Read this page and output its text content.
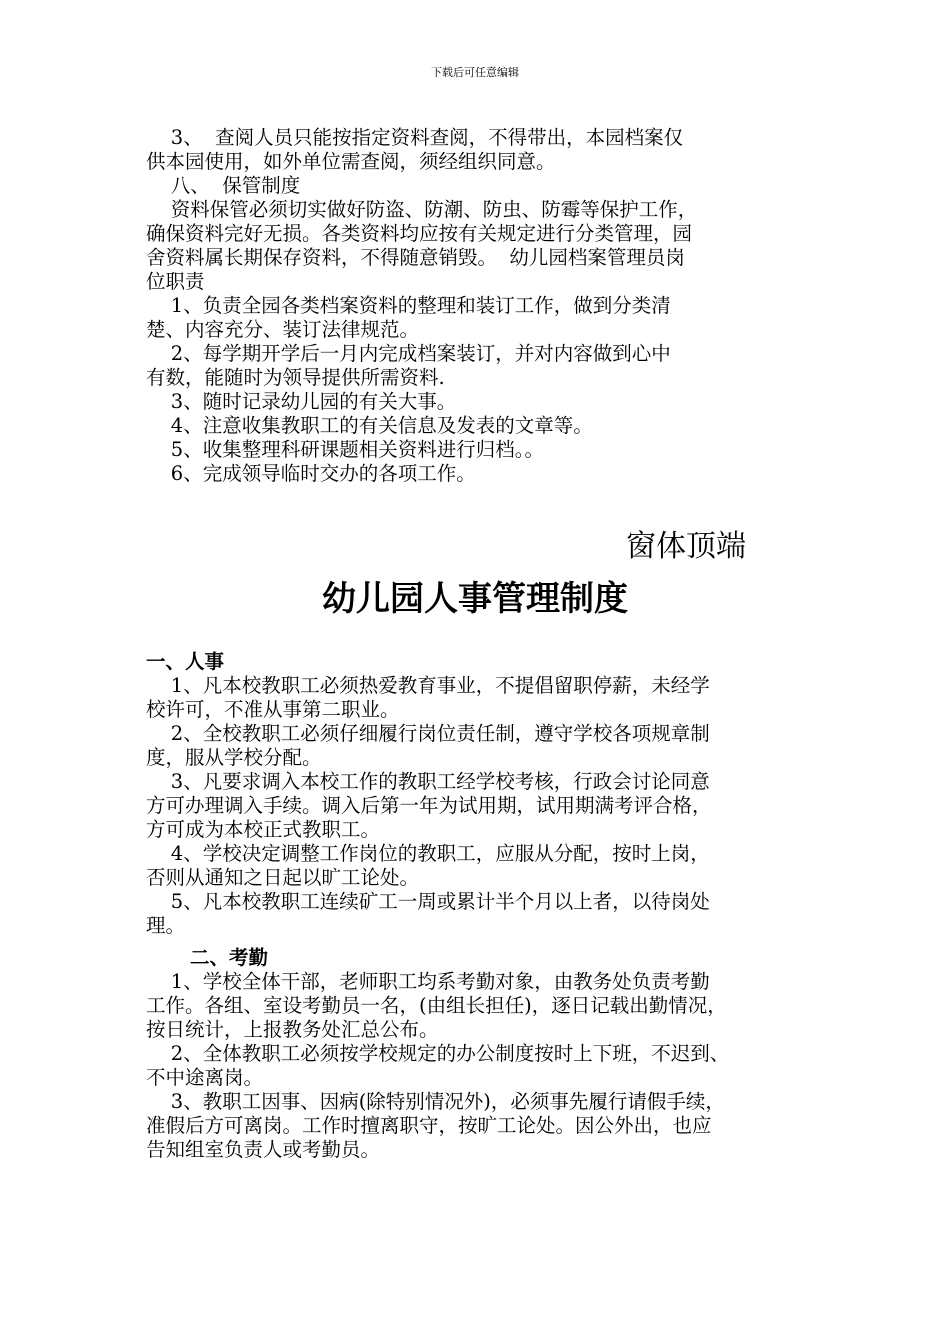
下载后可任意编辑
3、  查阅人员只能按指定资料查阅，不得带出，本园档案仅
供本园使用，如外单位需查阅，须经组织同意。
八、  保管制度
资料保管必须切实做好防盗、防潮、防虫、防霉等保护工作，
确保资料完好无损。各类资料均应按有关规定进行分类管理，园
舍资料属长期保存资料，不得随意销毁。  幼儿园档案管理员岗
位职责
1、负责全园各类档案资料的整理和装订工作，做到分类清
楚、内容充分、装订法律规范。
2、每学期开学后一月内完成档案装订，并对内容做到心中
有数，能随时为领导提供所需资料.
3、随时记录幼儿园的有关大事。
4、注意收集教职工的有关信息及发表的文章等。
5、收集整理科研课题相关资料进行归档。。
6、完成领导临时交办的各项工作。
窗体顶端
幼儿园人事管理制度
一、人事
1、凡本校教职工必须热爱教育事业，不提倡留职停薪，未经学
校许可，不准从事第二职业。
2、全校教职工必须仔细履行岗位责任制，遵守学校各项规章制
度，服从学校分配。
3、凡要求调入本校工作的教职工经学校考核，行政会讨论同意
方可办理调入手续。调入后第一年为试用期，试用期满考评合格，
方可成为本校正式教职工。
4、学校决定调整工作岗位的教职工，应服从分配，按时上岗，
否则从通知之日起以旷工论处。
5、凡本校教职工连续矿工一周或累计半个月以上者，以待岗处
理。
二、考勤
1、学校全体干部，老师职工均系考勤对象，由教务处负责考勤
工作。各组、室设考勤员一名，(由组长担任)，逐日记载出勤情况，
按日统计，上报教务处汇总公布。
2、全体教职工必须按学校规定的办公制度按时上下班，不迟到、
不中途离岗。
3、教职工因事、因病(除特别情况外)，必须事先履行请假手续，
准假后方可离岗。工作时擅离职守，按旷工论处。因公外出，也应
告知组室负责人或考勤员。
